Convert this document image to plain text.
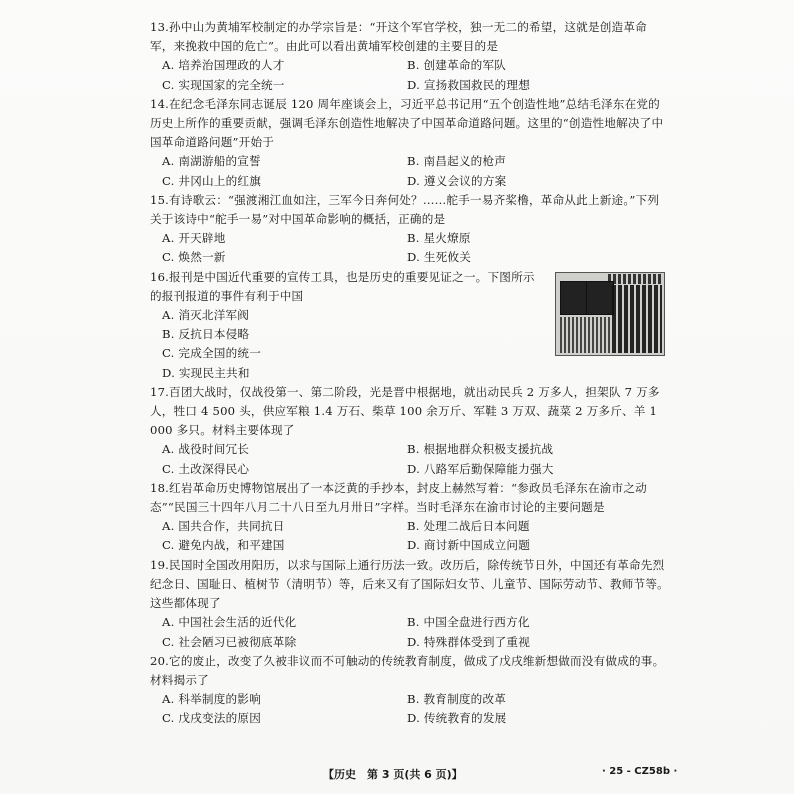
13.孙中山为黄埔军校制定的办学宗旨是：“开这个军官学校，独一无二的希望，这就是创造革命军，来挽救中国的危亡”。由此可以看出黄埔军校创建的主要目的是

A. 培养治国理政的人才	B. 创建革命的军队
C. 实现国家的完全统一	D. 宣扬救国救民的理想

14.在纪念毛泽东同志诞辰 120 周年座谈会上，习近平总书记用“五个创造性地”总结毛泽东在党的历史上所作的重要贡献，强调毛泽东创造性地解决了中国革命道路问题。这里的“创造性地解决了中国革命道路问题”开始于

A. 南湖游船的宣誓	B. 南昌起义的枪声
C. 井冈山上的红旗	D. 遵义会议的方案

15.有诗歌云：“强渡湘江血如注，三军今日奔何处？……舵手一易齐桨橹，革命从此上新途。”下列关于该诗中“舵手一易”对中国革命影响的概括，正确的是

A. 开天辟地	B. 星火燎原
C. 焕然一新	D. 生死攸关

16.报刊是中国近代重要的宣传工具，也是历史的重要见证之一。下图所示的报刊报道的事件有利于中国

A. 消灭北洋军阀
B. 反抗日本侵略
C. 完成全国的统一
D. 实现民主共和

17.百团大战时，仅战役第一、第二阶段，光是晋中根据地，就出动民兵 2 万多人，担架队 7 万多人，牲口 4 500 头，供应军粮 1.4 万石、柴草 100 余万斤、军鞋 3 万双、蔬菜 2 万多斤、羊 1 000 多只。材料主要体现了

A. 战役时间冗长	B. 根据地群众积极支援抗战
C. 土改深得民心	D. 八路军后勤保障能力强大

18.红岩革命历史博物馆展出了一本泛黄的手抄本，封皮上赫然写着：“参政员毛泽东在渝市之动态”“民国三十四年八月二十八日至九月卅日”字样。当时毛泽东在渝市讨论的主要问题是

A. 国共合作，共同抗日	B. 处理二战后日本问题
C. 避免内战，和平建国	D. 商讨新中国成立问题

19.民国时全国改用阳历，以求与国际上通行历法一致。改历后，除传统节日外，中国还有革命先烈纪念日、国耻日、植树节（清明节）等，后来又有了国际妇女节、儿童节、国际劳动节、教师节等。这些都体现了

A. 中国社会生活的近代化	B. 中国全盘进行西方化
C. 社会陋习已被彻底革除	D. 特殊群体受到了重视

20.它的废止，改变了久被非议而不可触动的传统教育制度，做成了戊戌维新想做而没有做成的事。材料揭示了

A. 科举制度的影响	B. 教育制度的改革
C. 戊戌变法的原因	D. 传统教育的发展
【历史　第 3 页(共 6 页)】	· 25 - CZ58b ·
